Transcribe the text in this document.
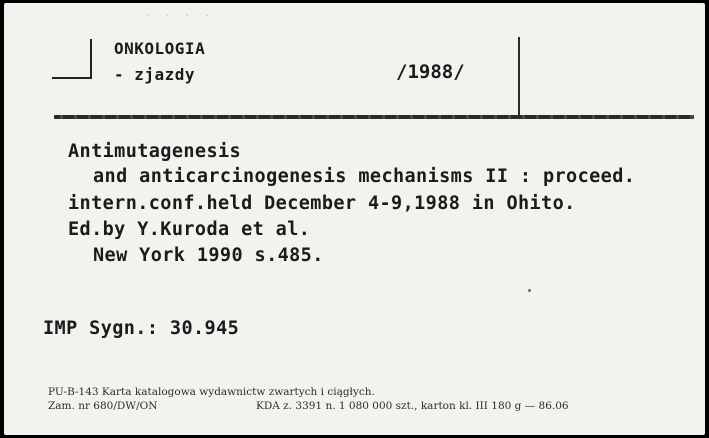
· · · ·
ONKOLOGIA
- zjazdy	/1988/
Antimutagenesis
and anticarcinogenesis mechanisms II : proceed.
intern.conf.held December 4-9,1988 in Ohito.
Ed.by Y.Kuroda et al.
New York 1990 s.485.
IMP Sygn.: 30.945
PU-B-143 Karta katalogowa wydawnictw zwartych i ciągłych.
Zam. nr 680/DW/ON	KDA z. 3391 n. 1 080 000 szt., karton kl. III 180 g — 86.06
